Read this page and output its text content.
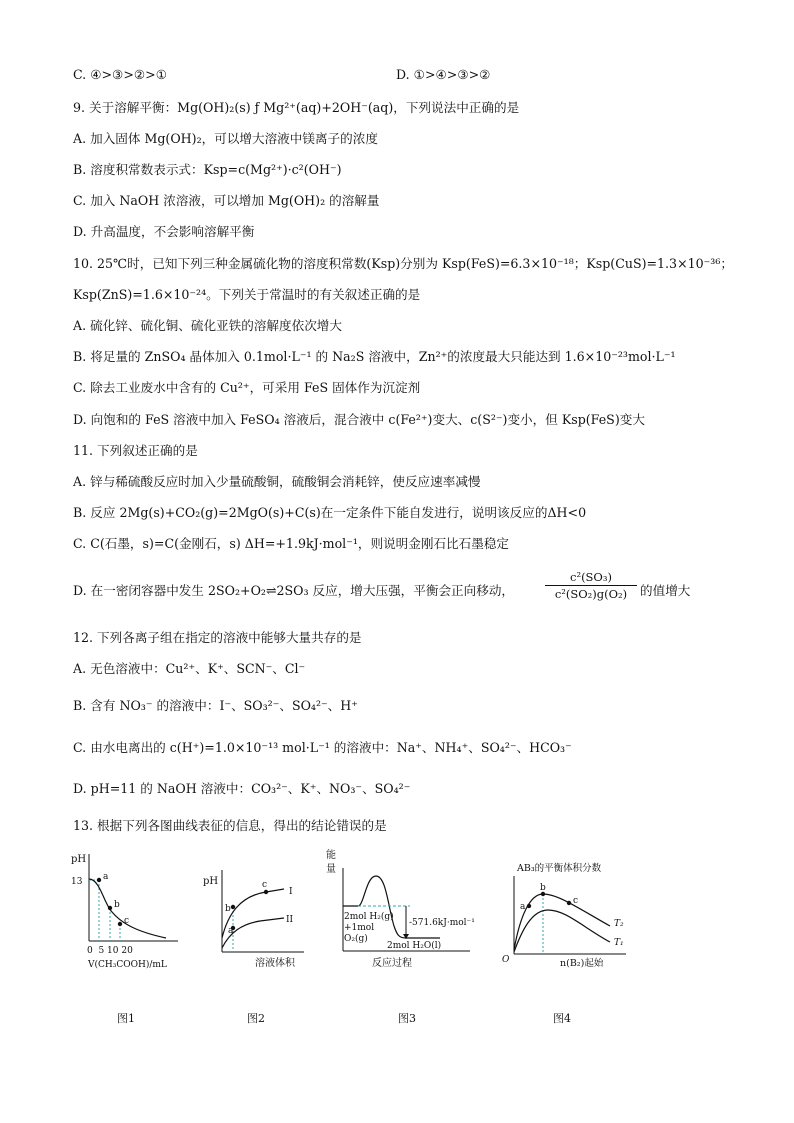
C. ④>③>②>①	D. ①>④>③>②
9. 关于溶解平衡：Mg(OH)₂(s) ƒ Mg²⁺(aq)+2OH⁻(aq)，下列说法中正确的是
A. 加入固体 Mg(OH)₂，可以增大溶液中镁离子的浓度
B. 溶度积常数表示式：Ksp=c(Mg²⁺)·c²(OH⁻)
C. 加入 NaOH 浓溶液，可以增加 Mg(OH)₂ 的溶解量
D. 升高温度，不会影响溶解平衡
10. 25℃时，已知下列三种金属硫化物的溶度积常数(Ksp)分别为 Ksp(FeS)=6.3×10⁻¹⁸；Ksp(CuS)=1.3×10⁻³⁶；
Ksp(ZnS)=1.6×10⁻²⁴。下列关于常温时的有关叙述正确的是
A. 硫化锌、硫化铜、硫化亚铁的溶解度依次增大
B. 将足量的 ZnSO₄ 晶体加入 0.1mol·L⁻¹ 的 Na₂S 溶液中，Zn²⁺的浓度最大只能达到 1.6×10⁻²³mol·L⁻¹
C. 除去工业废水中含有的 Cu²⁺，可采用 FeS 固体作为沉淀剂
D. 向饱和的 FeS 溶液中加入 FeSO₄ 溶液后，混合液中 c(Fe²⁺)变大、c(S²⁻)变小，但 Ksp(FeS)变大
11. 下列叙述正确的是
A. 锌与稀硫酸反应时加入少量硫酸铜，硫酸铜会消耗锌，使反应速率减慢
B. 反应 2Mg(s)+CO₂(g)=2MgO(s)+C(s)在一定条件下能自发进行，说明该反应的ΔH<0
C. C(石墨，s)=C(金刚石，s) ΔH=+1.9kJ·mol⁻¹，则说明金刚石比石墨稳定
D. 在一密闭容器中发生 2SO₂+O₂⇌2SO₃ 反应，增大压强，平衡会正向移动，	$\frac{\text{c²(SO₃)}}{\text{c²(SO₂)g(O₂)}}$ 的值增大
12. 下列各离子组在指定的溶液中能够大量共存的是
A. 无色溶液中：Cu²⁺、K⁺、SCN⁻、Cl⁻
B. 含有 NO₃⁻ 的溶液中：I⁻、SO₃²⁻、SO₄²⁻、H⁺
C. 由水电离出的 c(H⁺)=1.0×10⁻¹³ mol·L⁻¹ 的溶液中：Na⁺、NH₄⁺、SO₄²⁻、HCO₃⁻
D. pH=11 的 NaOH 溶液中：CO₃²⁻、K⁺、NO₃⁻、SO₄²⁻
13. 根据下列各图曲线表征的信息，得出的结论错误的是
pH
13 a
b
c
0  5 10 20
V(CH₃COOH)/mL
图1
pH
a
b
c
I
II
溶液体积
图2
能
量
2mol H₂(g)
+1mol
O₂(g)
-571.6kJ·mol⁻¹
2mol H₂O(l)
反应过程
图3
AB₃的平衡体积分数
a
b
c
T₂
T₁
O	n(B₂)起始
图4
